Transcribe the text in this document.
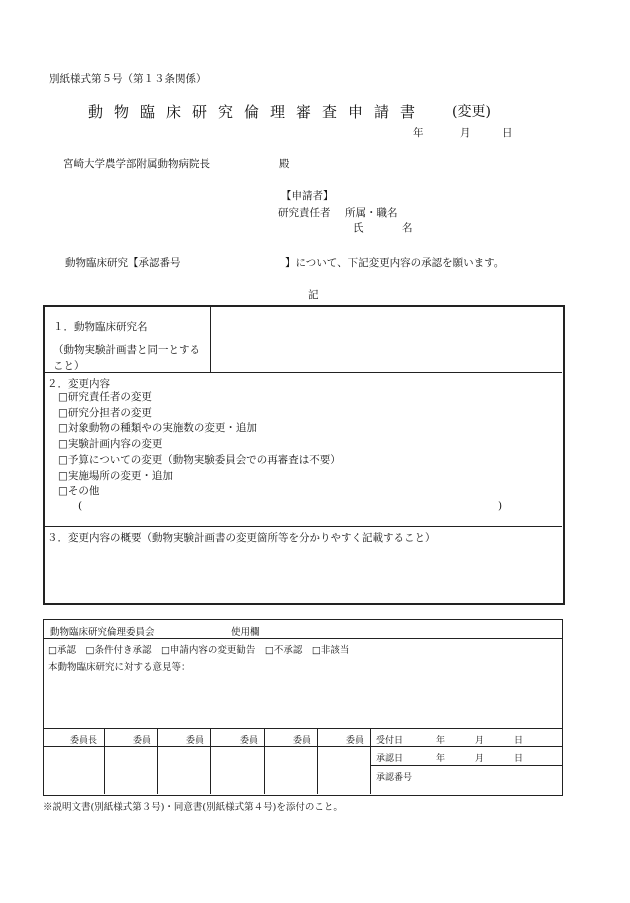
別紙様式第５号（第１３条関係）
動物臨床研究倫理審査申請書 (変更)
年	月	日
宮崎大学農学部附属動物病院長	殿
【申請者】
研究責任者 所属・職名
氏	名
動物臨床研究【承認番号	】について、下記変更内容の承認を願います。
記
１．動物臨床研究名
（動物実験計画書と同一とすること）
２．変更内容
□研究責任者の変更
□研究分担者の変更
□対象動物の種類やの実施数の変更・追加
□実験計画内容の変更
□予算についての変更（動物実験委員会での再審査は不要）
□実施場所の変更・追加
□その他
(	)
３．変更内容の概要（動物実験計画書の変更箇所等を分かりやすく記載すること）
動物臨床研究倫理委員会	使用欄
□承認　□条件付き承認　□申請内容の変更勧告　□不承認　□非該当
本動物臨床研究に対する意見等：
委員長	委員	委員	委員	委員	委員 受付日	年	月	日
承認日	年	月	日
承認番号
※説明文書(別紙様式第３号)・同意書(別紙様式第４号)を添付のこと。
